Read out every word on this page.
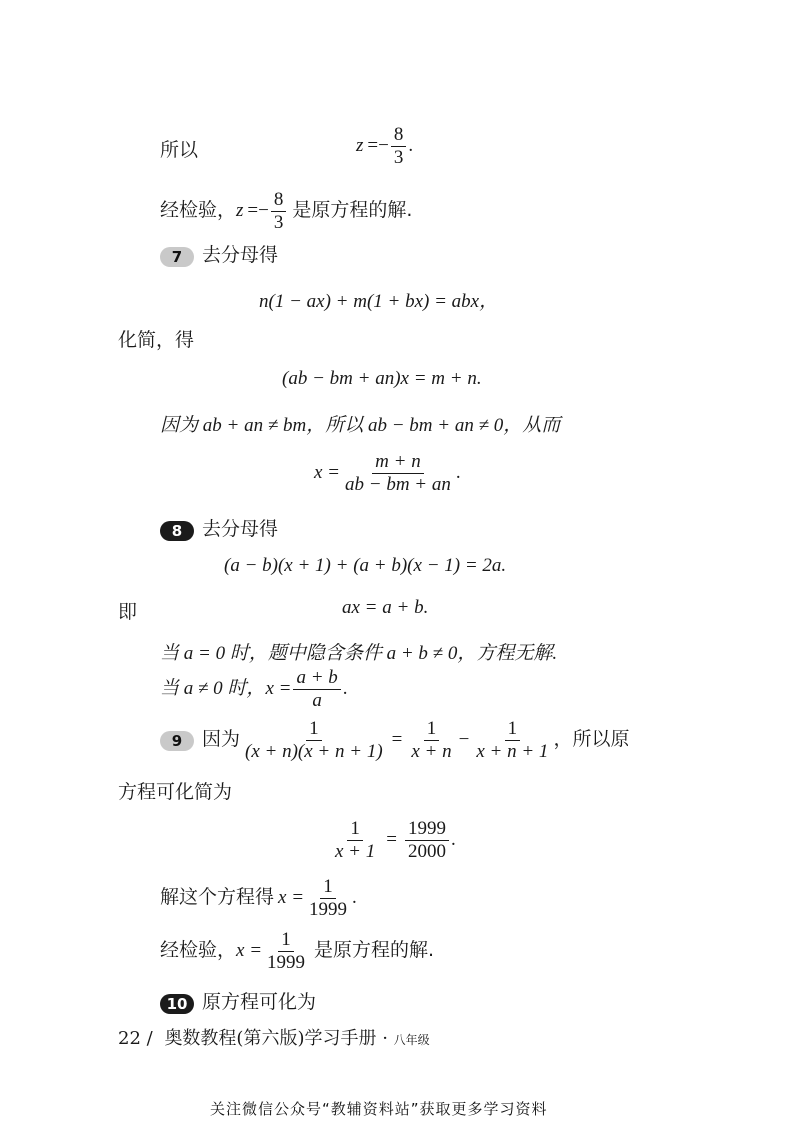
所以	$z =- \frac{8}{3}$ .
经检验，$z =- \frac{8}{3}$ 是原方程的解.
7 去分母得
n(1 − ax) + m(1 + bx) = abx，
化简，得
(ab − bm + an)x = m + n.
因为 ab + an ≠ bm，所以 ab − bm + an ≠ 0，从而
$x = \frac{m + n}{ab - bm + an}$ .
8 去分母得
(a − b)(x + 1) + (a + b)(x − 1) = 2a.
即	ax = a + b.
当 a = 0 时，题中隐含条件 a + b ≠ 0，方程无解.
当 a ≠ 0 时，$x = \frac{a + b}{a}$ .
9 因为 $\frac{1}{(x + n)(x + n + 1)} = \frac{1}{x + n} - \frac{1}{x + n + 1}$ ，所以原
方程可化简为
$\frac{1}{x + 1} = \frac{1999}{2000}$ .
解这个方程得 $x = \frac{1}{1999}$ .
经检验，$x = \frac{1}{1999}$ 是原方程的解.
10 原方程可化为
22 / 奥数教程(第六版)学习手册 · 八年级
关注微信公众号“教辅资料站”获取更多学习资料
